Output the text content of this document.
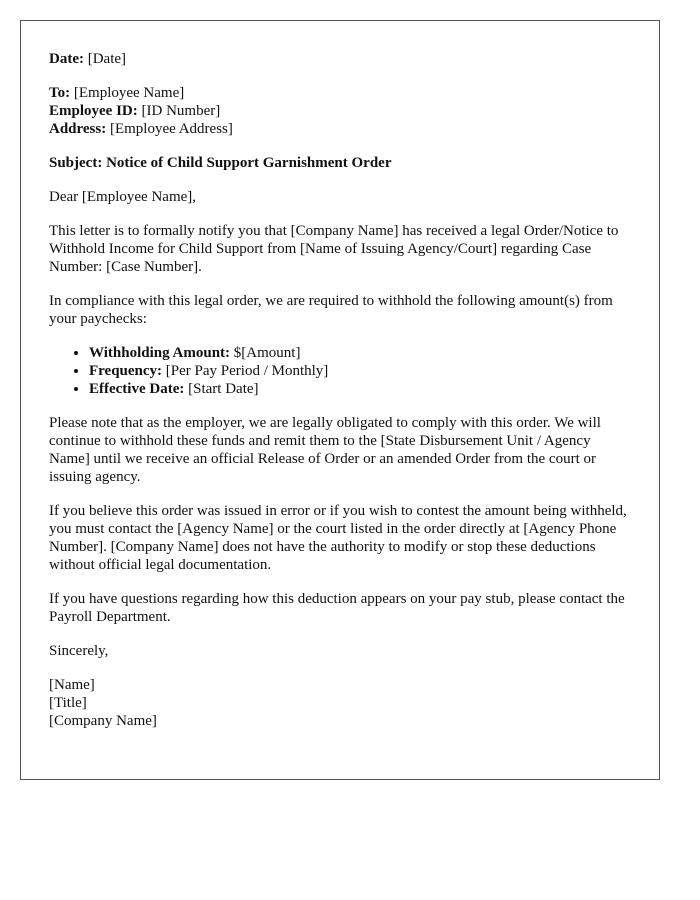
Date: [Date]

To: [Employee Name]
Employee ID: [ID Number]
Address: [Employee Address]

Subject: Notice of Child Support Garnishment Order

Dear [Employee Name],

This letter is to formally notify you that [Company Name] has received a legal Order/Notice to Withhold Income for Child Support from [Name of Issuing Agency/Court] regarding Case Number: [Case Number].

In compliance with this legal order, we are required to withhold the following amount(s) from your paychecks:

• Withholding Amount: $[Amount]
• Frequency: [Per Pay Period / Monthly]
• Effective Date: [Start Date]

Please note that as the employer, we are legally obligated to comply with this order. We will continue to withhold these funds and remit them to the [State Disbursement Unit / Agency Name] until we receive an official Release of Order or an amended Order from the court or issuing agency.

If you believe this order was issued in error or if you wish to contest the amount being withheld, you must contact the [Agency Name] or the court listed in the order directly at [Agency Phone Number]. [Company Name] does not have the authority to modify or stop these deductions without official legal documentation.

If you have questions regarding how this deduction appears on your pay stub, please contact the Payroll Department.

Sincerely,

[Name]
[Title]
[Company Name]
